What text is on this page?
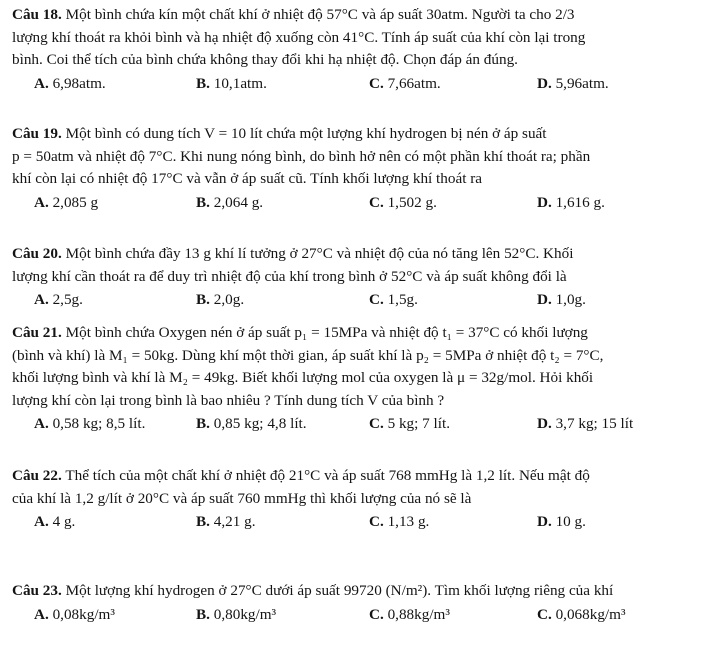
Câu 18. Một bình chứa kín một chất khí ở nhiệt độ 57°C và áp suất 30atm. Người ta cho 2/3
lượng khí thoát ra khỏi bình và hạ nhiệt độ xuống còn 41°C. Tính áp suất của khí còn lại trong
bình. Coi thể tích của bình chứa không thay đổi khi hạ nhiệt độ. Chọn đáp án đúng.
A. 6,98atm.	B. 10,1atm.	C. 7,66atm.	D. 5,96atm.
Câu 19. Một bình có dung tích V = 10 lít chứa một lượng khí hydrogen bị nén ở áp suất
p = 50atm và nhiệt độ 7°C. Khi nung nóng bình, do bình hở nên có một phần khí thoát ra; phần
khí còn lại có nhiệt độ 17°C và vẫn ở áp suất cũ. Tính khối lượng khí thoát ra
A. 2,085 g	B. 2,064 g.	C. 1,502 g.	D. 1,616 g.
Câu 20. Một bình chứa đầy 13 g khí lí tưởng ở 27°C và nhiệt độ của nó tăng lên 52°C. Khối
lượng khí cần thoát ra để duy trì nhiệt độ của khí trong bình ở 52°C và áp suất không đổi là
A. 2,5g.	B. 2,0g.	C. 1,5g.	D. 1,0g.
Câu 21. Một bình chứa Oxygen nén ở áp suất p₁ = 15MPa và nhiệt độ t₁ = 37°C có khối lượng
(bình và khí) là M₁ = 50kg. Dùng khí một thời gian, áp suất khí là p₂ = 5MPa ở nhiệt độ t₂ = 7°C,
khối lượng bình và khí là M₂ = 49kg. Biết khối lượng mol của oxygen là μ = 32g/mol. Hỏi khối
lượng khí còn lại trong bình là bao nhiêu ? Tính dung tích V của bình ?
A. 0,58 kg; 8,5 lít.	B. 0,85 kg; 4,8 lít.	C. 5 kg; 7 lít.	D. 3,7 kg; 15 lít
Câu 22. Thể tích của một chất khí ở nhiệt độ 21°C và áp suất 768 mmHg là 1,2 lít. Nếu mật độ
của khí là 1,2 g/lít ở 20°C và áp suất 760 mmHg thì khối lượng của nó sẽ là
A. 4 g.	B. 4,21 g.	C. 1,13 g.	D. 10 g.
Câu 23. Một lượng khí hydrogen ở 27°C dưới áp suất 99720 (N/m²). Tìm khối lượng riêng của khí
A. 0,08kg/m³	B. 0,80kg/m³	C. 0,88kg/m³	C. 0,068kg/m³
